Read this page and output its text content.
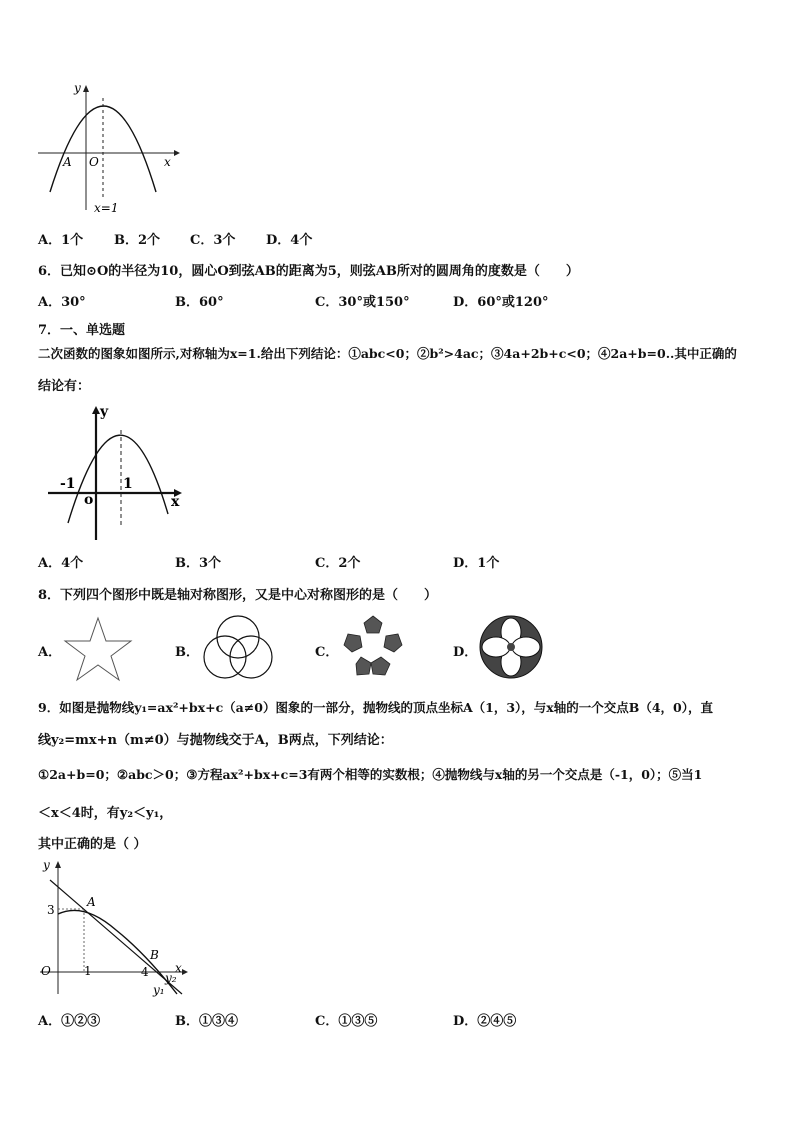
y
x
A O
x=1
A．1个 B．2个 C．3个 D．4个
6．已知⊙O的半径为10，圆心O到弦AB的距离为5，则弦AB所对的圆周角的度数是（　　）
A．30°	B．60°	C．30°或150°	D．60°或120°
7．一、单选题
二次函数的图象如图所示,对称轴为x=1.给出下列结论：①abc<0；②b²>4ac；③4a+2b+c<0；④2a+b=0..其中正确的
结论有：
y
x
-1
o
1
A．4个	B．3个	C．2个	D．1个
8．下列四个图形中既是轴对称图形，又是中心对称图形的是（　　）
A．	B．	C．	D．
9．如图是抛物线y₁=ax²+bx+c（a≠0）图象的一部分，抛物线的顶点坐标A（1，3），与x轴的一个交点B（4，0），直
线y₂=mx+n（m≠0）与抛物线交于A，B两点，下列结论：
①2a+b=0；②abc＞0；③方程ax²+bx+c=3有两个相等的实数根；④抛物线与x轴的另一个交点是（-1，0）；⑤当1
＜x＜4时，有y₂＜y₁，
其中正确的是（ ）
y
x
O
3
1	4
A
B
y₁
y₂
A．①②③	B．①③④	C．①③⑤	D．②④⑤
